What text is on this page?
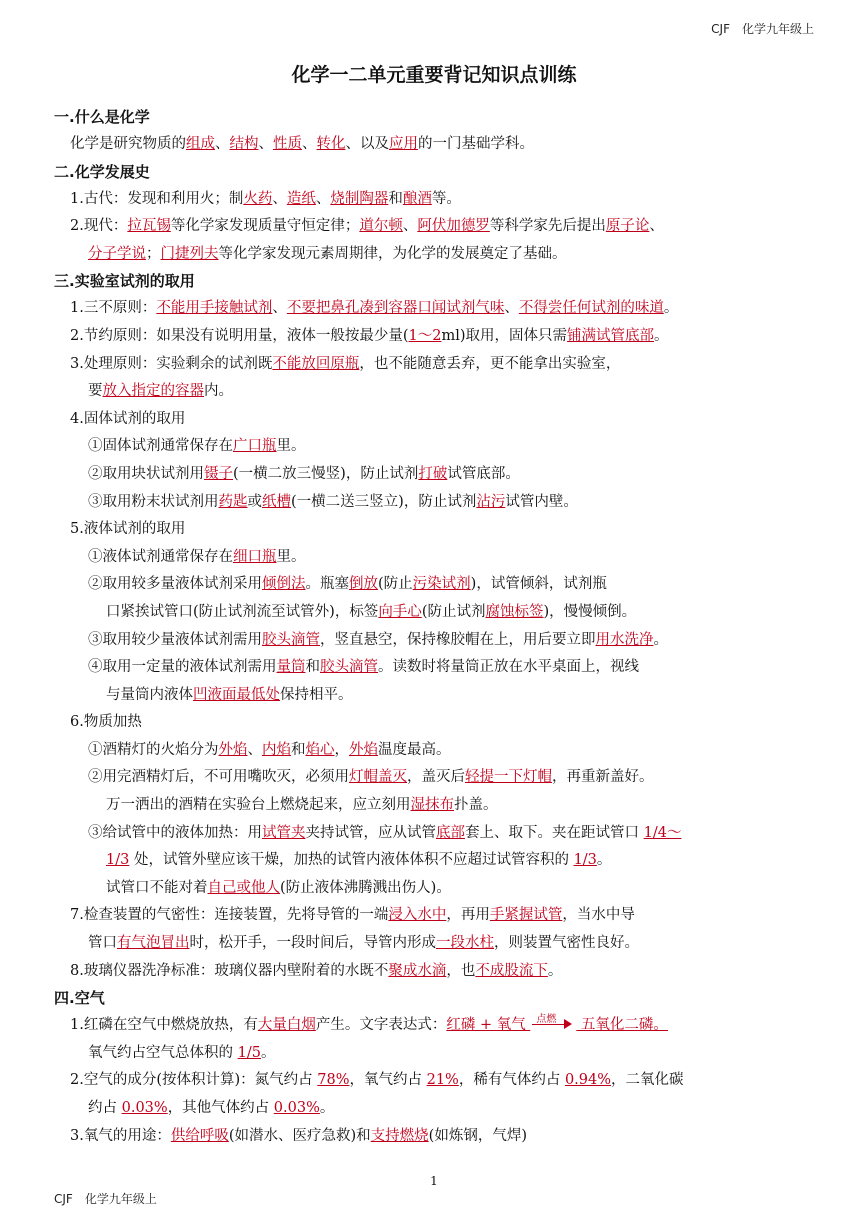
CJF 化学九年级上
化学一二单元重要背记知识点训练
一.什么是化学
化学是研究物质的组成、结构、性质、转化、以及应用的一门基础学科。
二.化学发展史
1.古代：发现和利用火；制火药、造纸、烧制陶器和酿酒等。
2.现代：拉瓦锡等化学家发现质量守恒定律；道尔顿、阿伏加德罗等科学家先后提出原子论、
分子学说；门捷列夫等化学家发现元素周期律，为化学的发展奠定了基础。
三.实验室试剂的取用
1.三不原则：不能用手接触试剂、不要把鼻孔凑到容器口闻试剂气味、不得尝任何试剂的味道。
2.节约原则：如果没有说明用量，液体一般按最少量(1～2ml)取用，固体只需铺满试管底部。
3.处理原则：实验剩余的试剂既不能放回原瓶，也不能随意丢弃，更不能拿出实验室，
要放入指定的容器内。
4.固体试剂的取用
①固体试剂通常保存在广口瓶里。
②取用块状试剂用镊子(一横二放三慢竖)，防止试剂打破试管底部。
③取用粉末状试剂用药匙或纸槽(一横二送三竖立)，防止试剂沾污试管内壁。
5.液体试剂的取用
①液体试剂通常保存在细口瓶里。
②取用较多量液体试剂采用倾倒法。瓶塞倒放(防止污染试剂)，试管倾斜，试剂瓶
口紧挨试管口(防止试剂流至试管外)，标签向手心(防止试剂腐蚀标签)，慢慢倾倒。
③取用较少量液体试剂需用胶头滴管，竖直悬空，保持橡胶帽在上，用后要立即用水洗净。
④取用一定量的液体试剂需用量筒和胶头滴管。读数时将量筒正放在水平桌面上，视线
与量筒内液体凹液面最低处保持相平。
6.物质加热
①酒精灯的火焰分为外焰、内焰和焰心，外焰温度最高。
②用完酒精灯后，不可用嘴吹灭，必须用灯帽盖灭，盖灭后轻提一下灯帽，再重新盖好。
万一洒出的酒精在实验台上燃烧起来，应立刻用湿抹布扑盖。
③给试管中的液体加热：用试管夹夹持试管，应从试管底部套上、取下。夹在距试管口 1/4～
1/3 处，试管外壁应该干燥，加热的试管内液体体积不应超过试管容积的 1/3。
试管口不能对着自己或他人(防止液体沸腾溅出伤人)。
7.检查装置的气密性：连接装置，先将导管的一端浸入水中，再用手紧握试管，当水中导
管口有气泡冒出时，松开手，一段时间后，导管内形成一段水柱，则装置气密性良好。
8.玻璃仪器洗净标准：玻璃仪器内壁附着的水既不聚成水滴，也不成股流下。
四.空气
1.红磷在空气中燃烧放热，有大量白烟产生。文字表达式：红磷 + 氧气 点燃 五氧化二磷。
氧气约占空气总体积的 1/5。
2.空气的成分(按体积计算)：氮气约占 78%，氧气约占 21%，稀有气体约占 0.94%，二氧化碳
约占 0.03%，其他气体约占 0.03%。
3.氧气的用途：供给呼吸(如潜水、医疗急救)和支持燃烧(如炼钢，气焊)
1
CJF 化学九年级上
